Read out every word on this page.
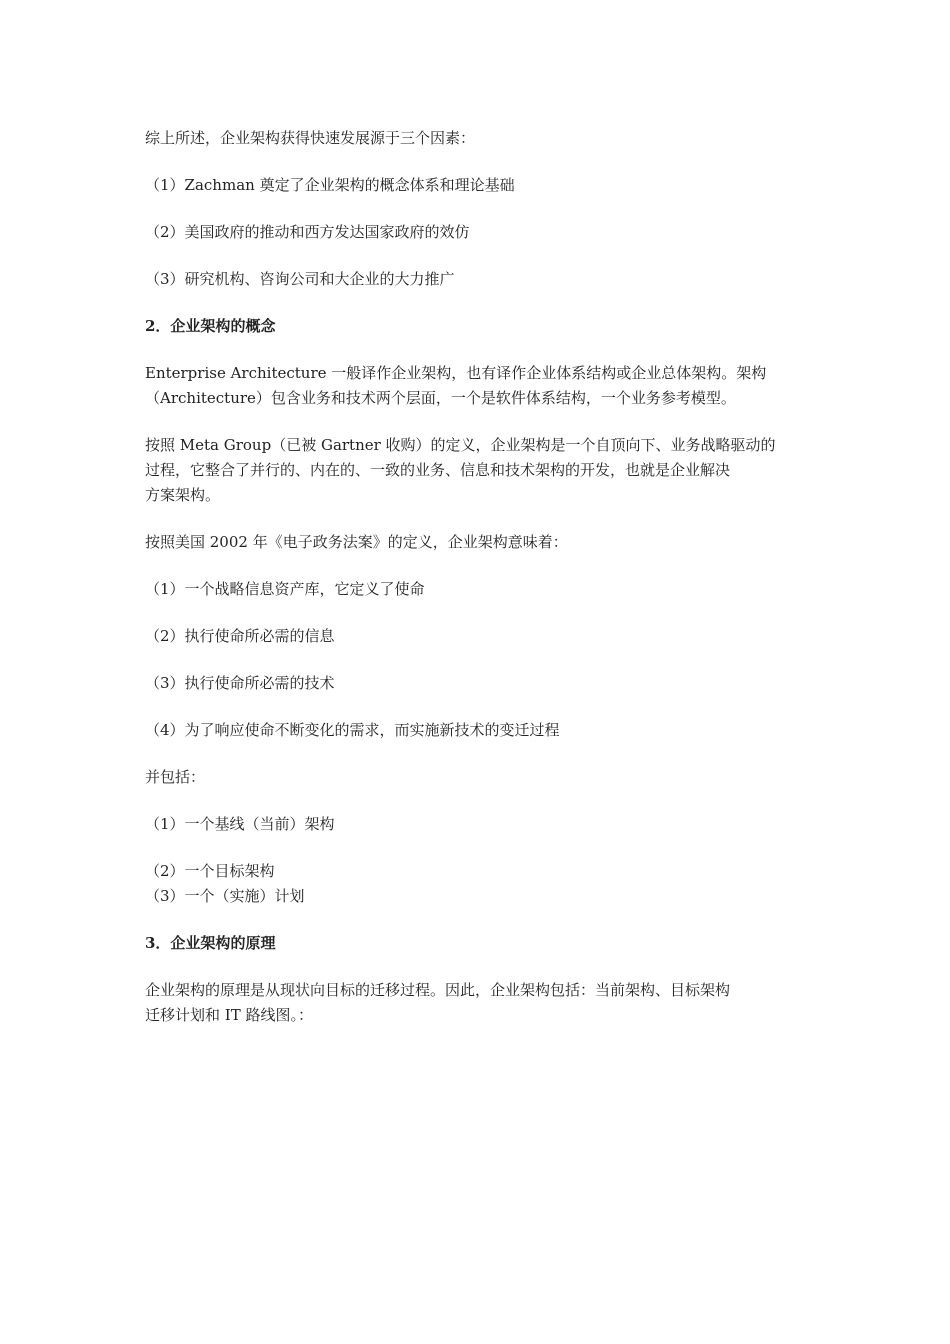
综上所述，企业架构获得快速发展源于三个因素：

（1）Zachman 奠定了企业架构的概念体系和理论基础

（2）美国政府的推动和西方发达国家政府的效仿

（3）研究机构、咨询公司和大企业的大力推广

2．企业架构的概念

Enterprise Architecture 一般译作企业架构，也有译作企业体系结构或企业总体架构。架构
（Architecture）包含业务和技术两个层面，一个是软件体系结构，一个业务参考模型。

按照 Meta Group（已被 Gartner 收购）的定义，企业架构是一个自顶向下、业务战略驱动的
过程，它整合了并行的、内在的、一致的业务、信息和技术架构的开发，也就是企业解决
方案架构。

按照美国 2002 年《电子政务法案》的定义，企业架构意味着：

（1）一个战略信息资产库，它定义了使命

（2）执行使命所必需的信息

（3）执行使命所必需的技术

（4）为了响应使命不断变化的需求，而实施新技术的变迁过程

并包括：

（1）一个基线（当前）架构

（2）一个目标架构

（3）一个（实施）计划

3．企业架构的原理

企业架构的原理是从现状向目标的迁移过程。因此，企业架构包括：当前架构、目标架构
迁移计划和 IT 路线图。：
